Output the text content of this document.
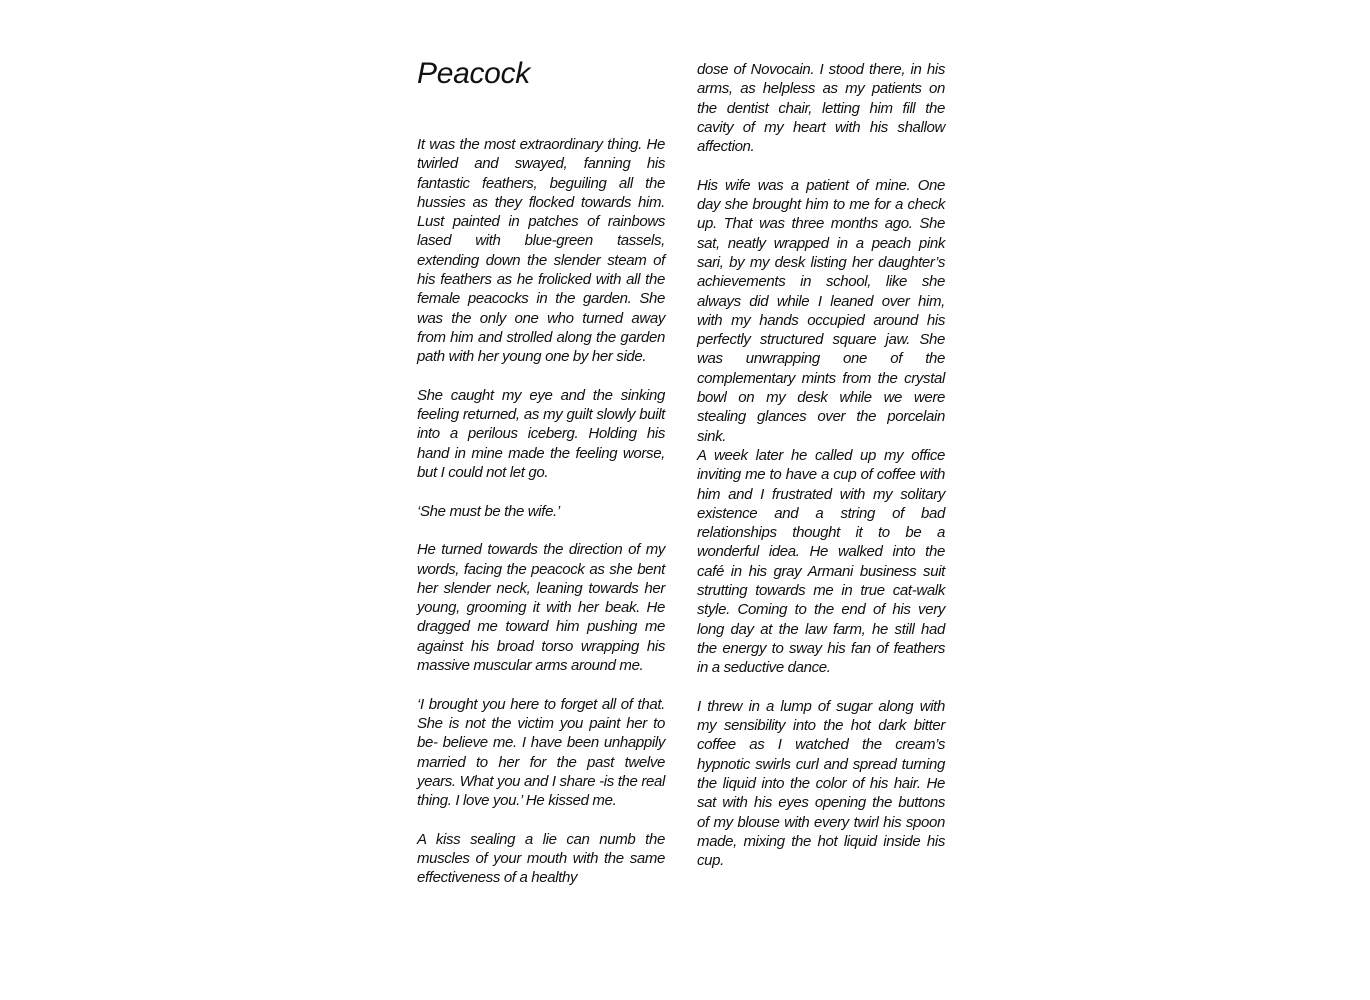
Peacock

It was the most extraordinary thing. He twirled and swayed, fanning his fantastic feathers, beguiling all the hussies as they flocked towards him. Lust painted in patches of rainbows lased with blue-green tassels, extending down the slender steam of his feathers as he frolicked with all the female peacocks in the garden. She was the only one who turned away from him and strolled along the garden path with her young one by her side.

She caught my eye and the sinking feeling returned, as my guilt slowly built into a perilous iceberg. Holding his hand in mine made the feeling worse, but I could not let go.

‘She must be the wife.’

He turned towards the direction of my words, facing the peacock as she bent her slender neck, leaning towards her young, grooming it with her beak. He dragged me toward him pushing me against his broad torso wrapping his massive muscular arms around me.

‘I brought you here to forget all of that. She is not the victim you paint her to be- believe me. I have been unhappily married to her for the past twelve years. What you and I share -is the real thing. I love you.’ He kissed me.

A kiss sealing a lie can numb the muscles of your mouth with the same effectiveness of a healthy

dose of Novocain. I stood there, in his arms, as helpless as my patients on the dentist chair, letting him fill the cavity of my heart with his shallow affection.

His wife was a patient of mine. One day she brought him to me for a check up. That was three months ago. She sat, neatly wrapped in a peach pink sari, by my desk listing her daughter’s achievements in school, like she always did while I leaned over him, with my hands occupied around his perfectly structured square jaw. She was unwrapping one of the complementary mints from the crystal bowl on my desk while we were stealing glances over the porcelain sink.

A week later he called up my office inviting me to have a cup of coffee with him and I frustrated with my solitary existence and a string of bad relationships thought it to be a wonderful idea. He walked into the café in his gray Armani business suit strutting towards me in true cat-walk style. Coming to the end of his very long day at the law farm, he still had the energy to sway his fan of feathers in a seductive dance.

I threw in a lump of sugar along with my sensibility into the hot dark bitter coffee as I watched the cream’s hypnotic swirls curl and spread turning the liquid into the color of his hair. He sat with his eyes opening the buttons of my blouse with every twirl his spoon made, mixing the hot liquid inside his cup.
